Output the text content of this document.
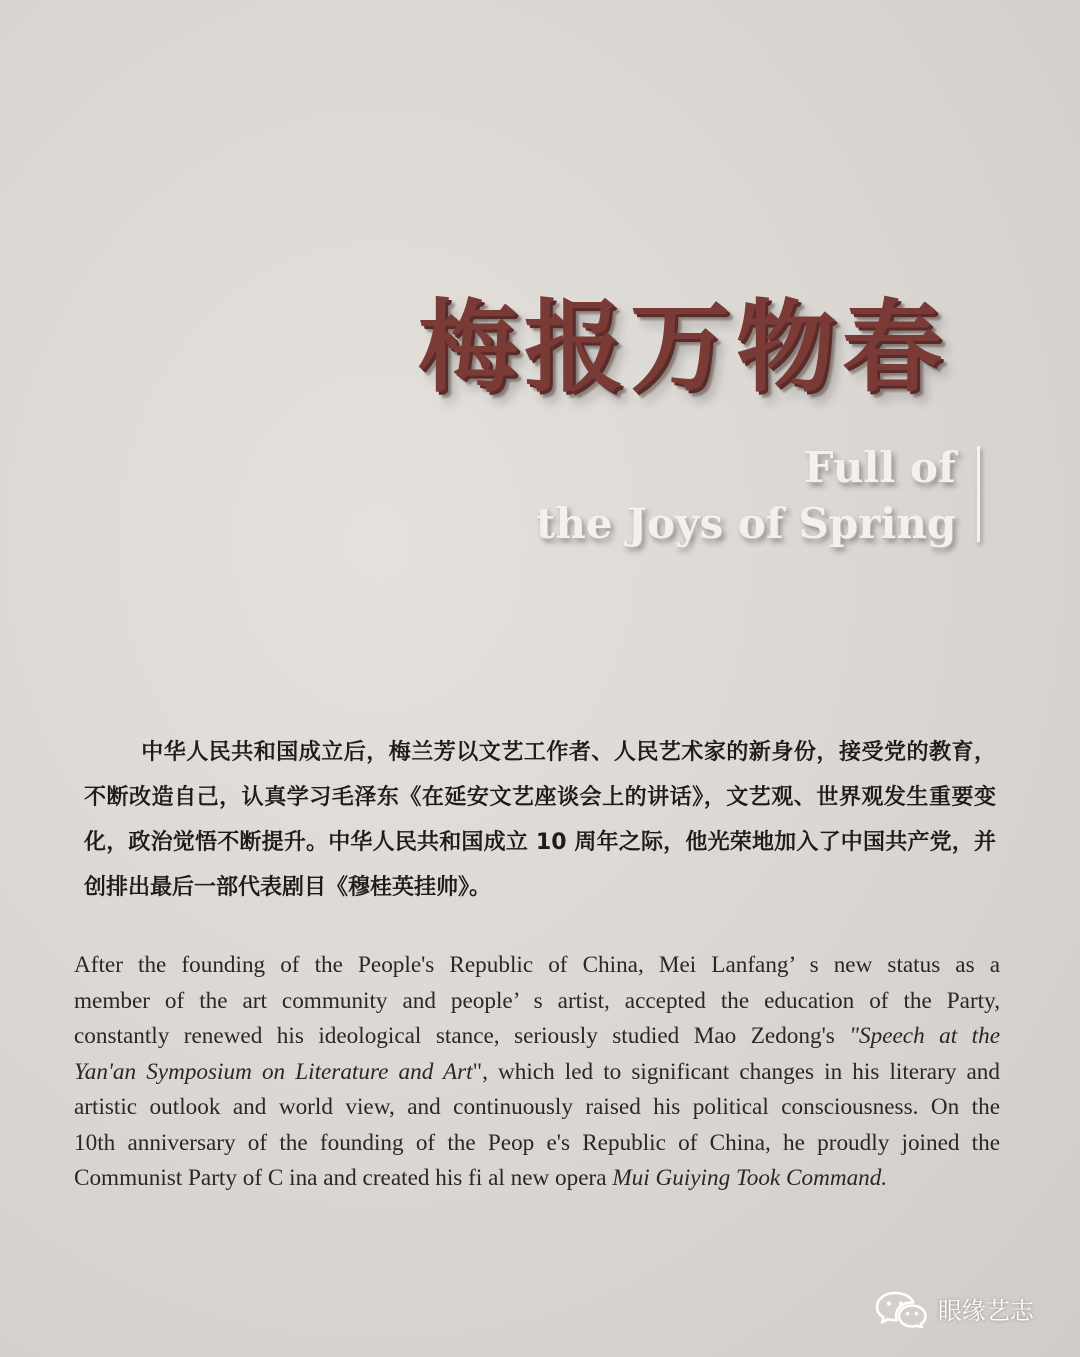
梅报万物春
Full of
the Joys of Spring

中华人民共和国成立后，梅兰芳以文艺工作者、人民艺术家的新身份，接受党的教育，不断改造自己，认真学习毛泽东《在延安文艺座谈会上的讲话》，文艺观、世界观发生重要变化，政治觉悟不断提升。中华人民共和国成立 10 周年之际，他光荣地加入了中国共产党，并创排出最后一部代表剧目《穆桂英挂帅》。

After the founding of the People's Republic of China, Mei Lanfang’ s new status as a
member of the art community and people’ s artist, accepted the education of the Party,
constantly renewed his ideological stance, seriously studied Mao Zedong's "Speech at the
Yan'an Symposium on Literature and Art", which led to significant changes in his literary and
artistic outlook and world view, and continuously raised his political consciousness. On the
10th anniversary of the founding of the Peop e's Republic of China, he proudly joined the
Communist Party of C ina and created his fi al new opera Mui Guiying Took Command.
眼缘艺志
